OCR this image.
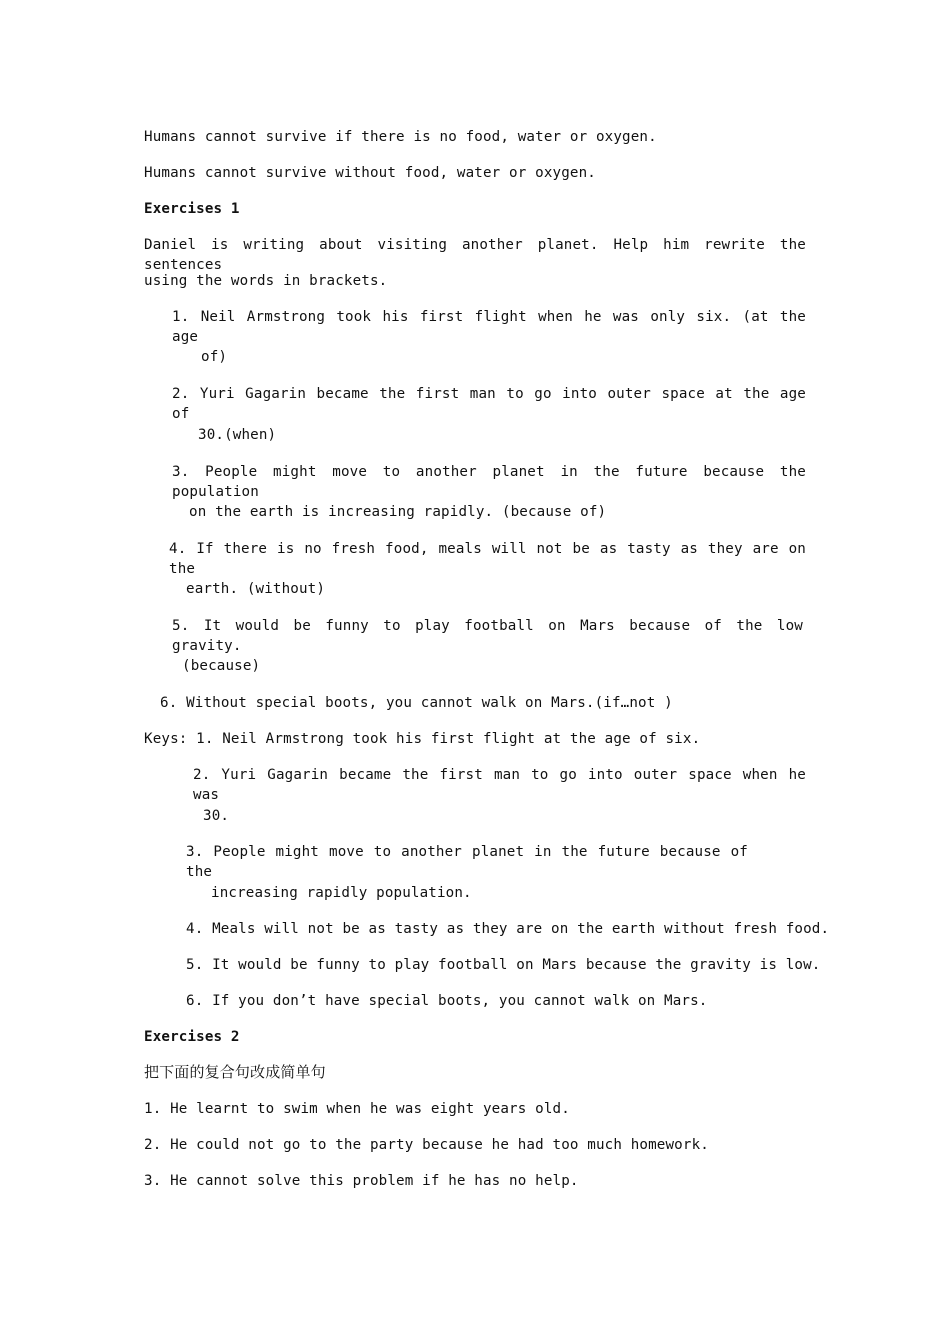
Humans cannot survive if there is no food, water or oxygen.
Humans cannot survive without food, water or oxygen.
Exercises 1
Daniel is writing about visiting another planet. Help him rewrite the sentences
using the words in brackets.
1. Neil Armstrong took his first flight when he was only six. (at the age
of)
2. Yuri Gagarin became the first man to go into outer space at the age of
30.(when)
3. People might move to another planet in the future because the population
on the earth is increasing rapidly. (because of)
4. If there is no fresh food, meals will not be as tasty as they are on the
earth. (without)
5. It would be funny to play football on Mars because of the low gravity.
(because)
6. Without special boots, you cannot walk on Mars.(if…not )
Keys: 1. Neil Armstrong took his first flight at the age of six.
2. Yuri Gagarin became the first man to go into outer space when he was
30.
3. People might move to another planet in the future because of the
increasing rapidly population.
4. Meals will not be as tasty as they are on the earth without fresh food.
5. It would be funny to play football on Mars because the gravity is low.
6. If you don’t have special boots, you cannot walk on Mars.
Exercises 2
把下面的复合句改成简单句
1. He learnt to swim when he was eight years old.
2. He could not go to the party because he had too much homework.
3. He cannot solve this problem if he has no help.
